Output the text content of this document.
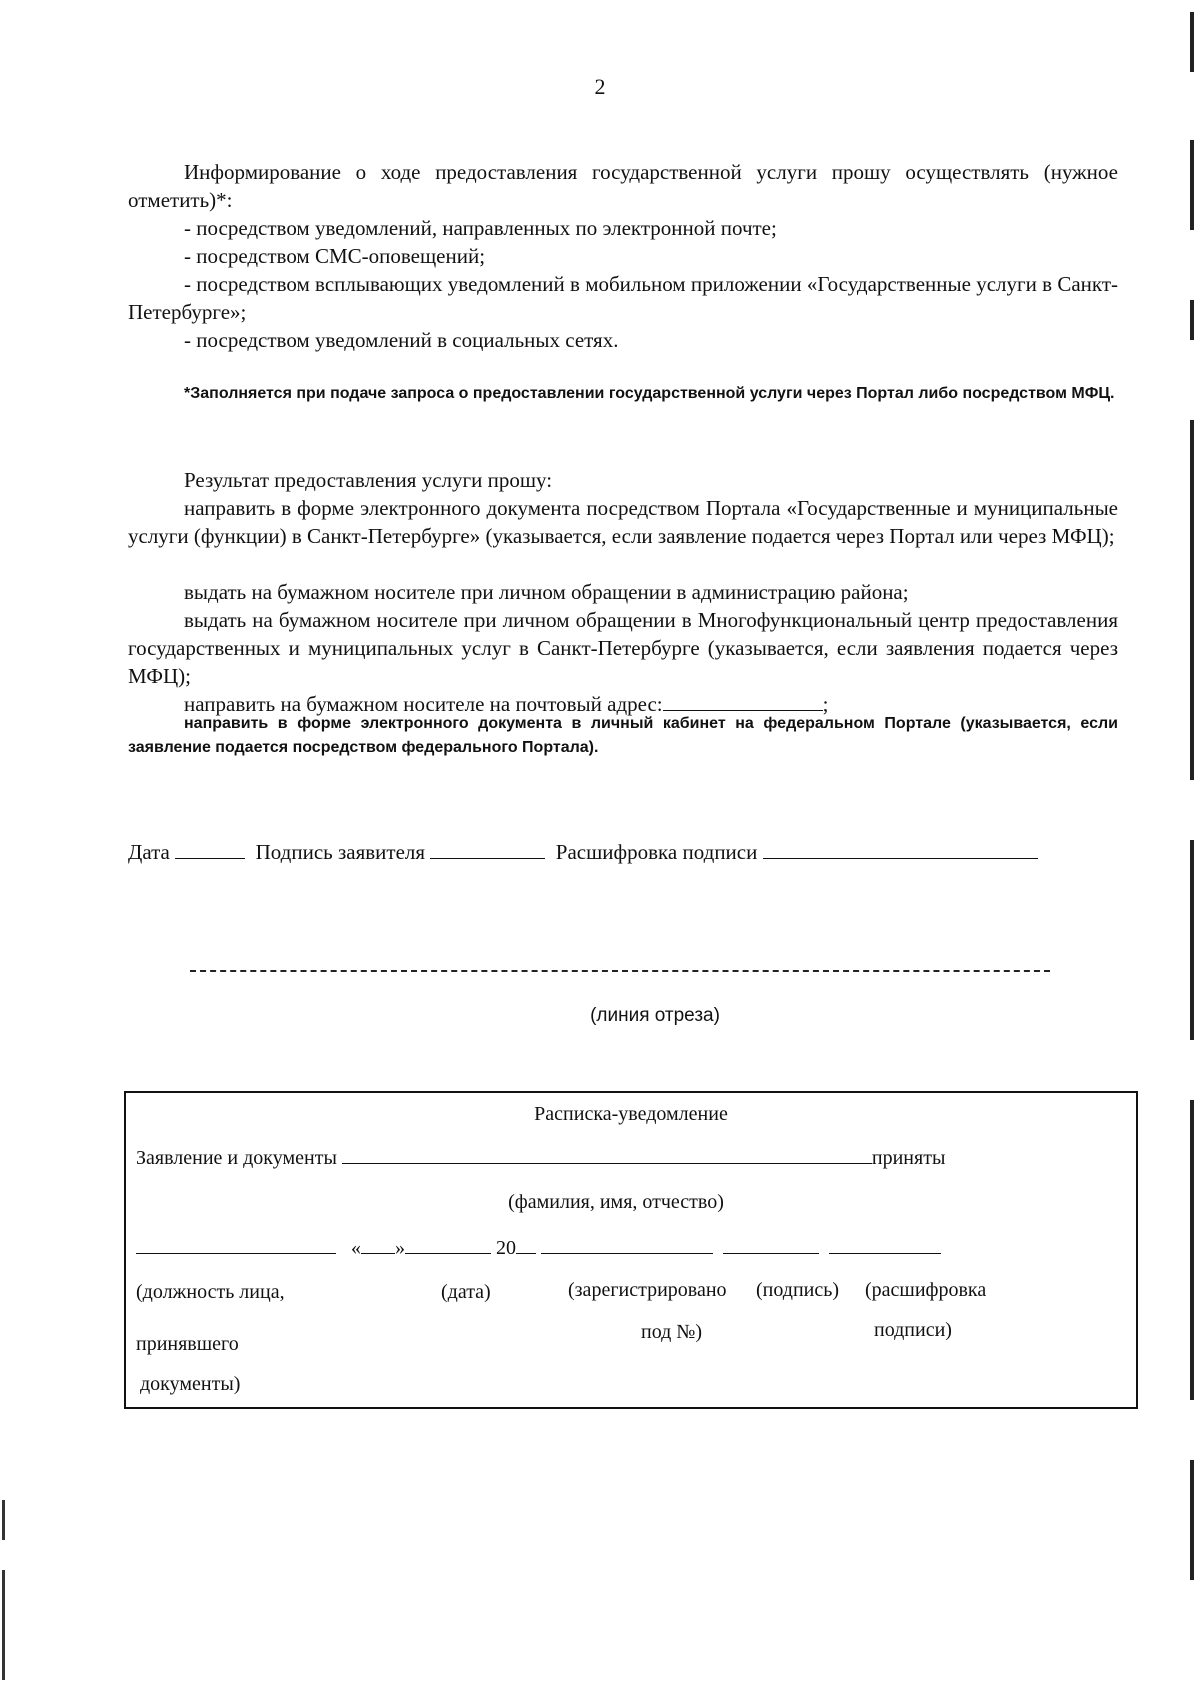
2
Информирование о ходе предоставления государственной услуги прошу осуществлять (нужное отметить)*:
- посредством уведомлений, направленных по электронной почте;
- посредством СМС-оповещений;
- посредством всплывающих уведомлений в мобильном приложении «Государственные услуги в Санкт-Петербурге»;
- посредством уведомлений в социальных сетях.
*Заполняется при подаче запроса о предоставлении государственной услуги через Портал либо посредством МФЦ.
Результат предоставления услуги прошу:
направить в форме электронного документа посредством Портала «Государственные и муниципальные услуги (функции) в Санкт-Петербурге» (указывается, если заявление подается через Портал или через МФЦ);
выдать на бумажном носителе при личном обращении в администрацию района;
выдать на бумажном носителе при личном обращении в Многофункциональный центр предоставления государственных и муниципальных услуг в Санкт-Петербурге (указывается, если заявления подается через МФЦ);
направить на бумажном носителе на почтовый адрес:	;
направить в форме электронного документа в личный кабинет на федеральном Портале (указывается, если заявление подается посредством федерального Портала).
Дата	Подпись заявителя	Расшифровка подписи
(линия отреза)
Расписка-уведомление
Заявление и документы	приняты
(фамилия, имя, отчество)
« »	20
(должность лица,
принявшего
документы)
(дата)	(зарегистрировано
под №)
(подпись) (расшифровка
подписи)
